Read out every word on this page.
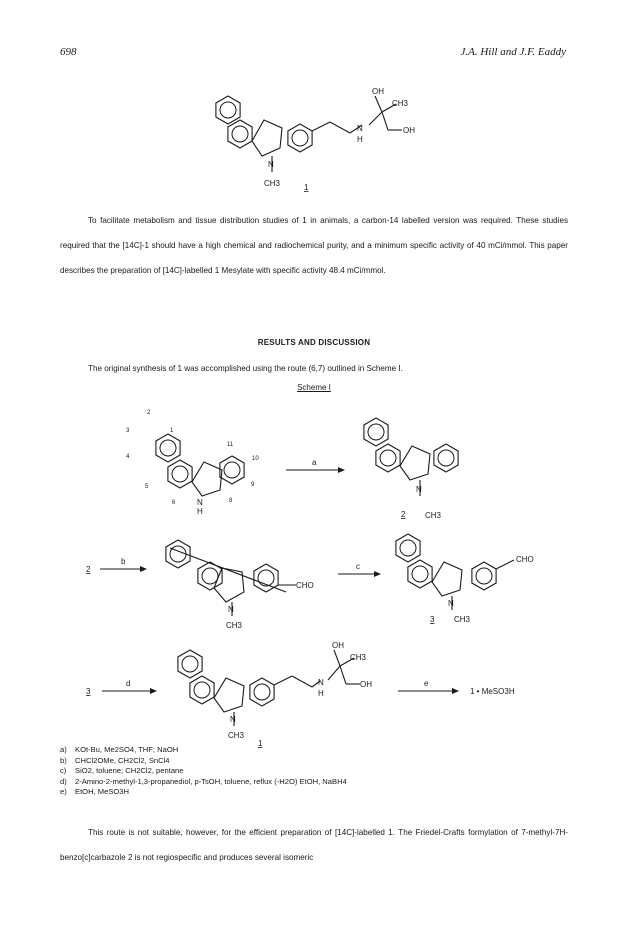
698	J.A. Hill and J.F. Eaddy
OH
CH3
N
H
OH
N
CH3	1
2
3	1
4
11
10
5
6
9
8
N
H
a
N
2 CH3
2
b
CHO
N
CH3
c
CHO
N
3 CH3
3
d
OH
CH3
N
H
OH
N
CH3
1
e
1 • MeSO3H
To facilitate metabolism and tissue distribution studies of 1 in animals, a carbon-14 labelled version was required. These studies required that the [14C]-1 should have a high chemical and radiochemical purity, and a minimum specific activity of 40 mCi/mmol. This paper describes the preparation of [14C]-labelled 1 Mesylate with specific activity 48.4 mCi/mmol.
RESULTS AND DISCUSSION
The original synthesis of 1 was accomplished using the route (6,7) outlined in Scheme I.
Scheme I
a) KOt-Bu, Me2SO4, THF; NaOH
b) CHCl2OMe, CH2Cl2, SnCl4
c) SiO2, toluene; CH2Cl2, pentane
d) 2-Amino-2-methyl-1,3-propanediol, p-TsOH, toluene, reflux (-H2O) EtOH, NaBH4
e) EtOH, MeSO3H
This route is not suitable, however, for the efficient preparation of [14C]-labelled 1. The Friedel-Crafts formylation of 7-methyl-7H-benzo[c]carbazole 2 is not regiospecific and produces several isomeric
